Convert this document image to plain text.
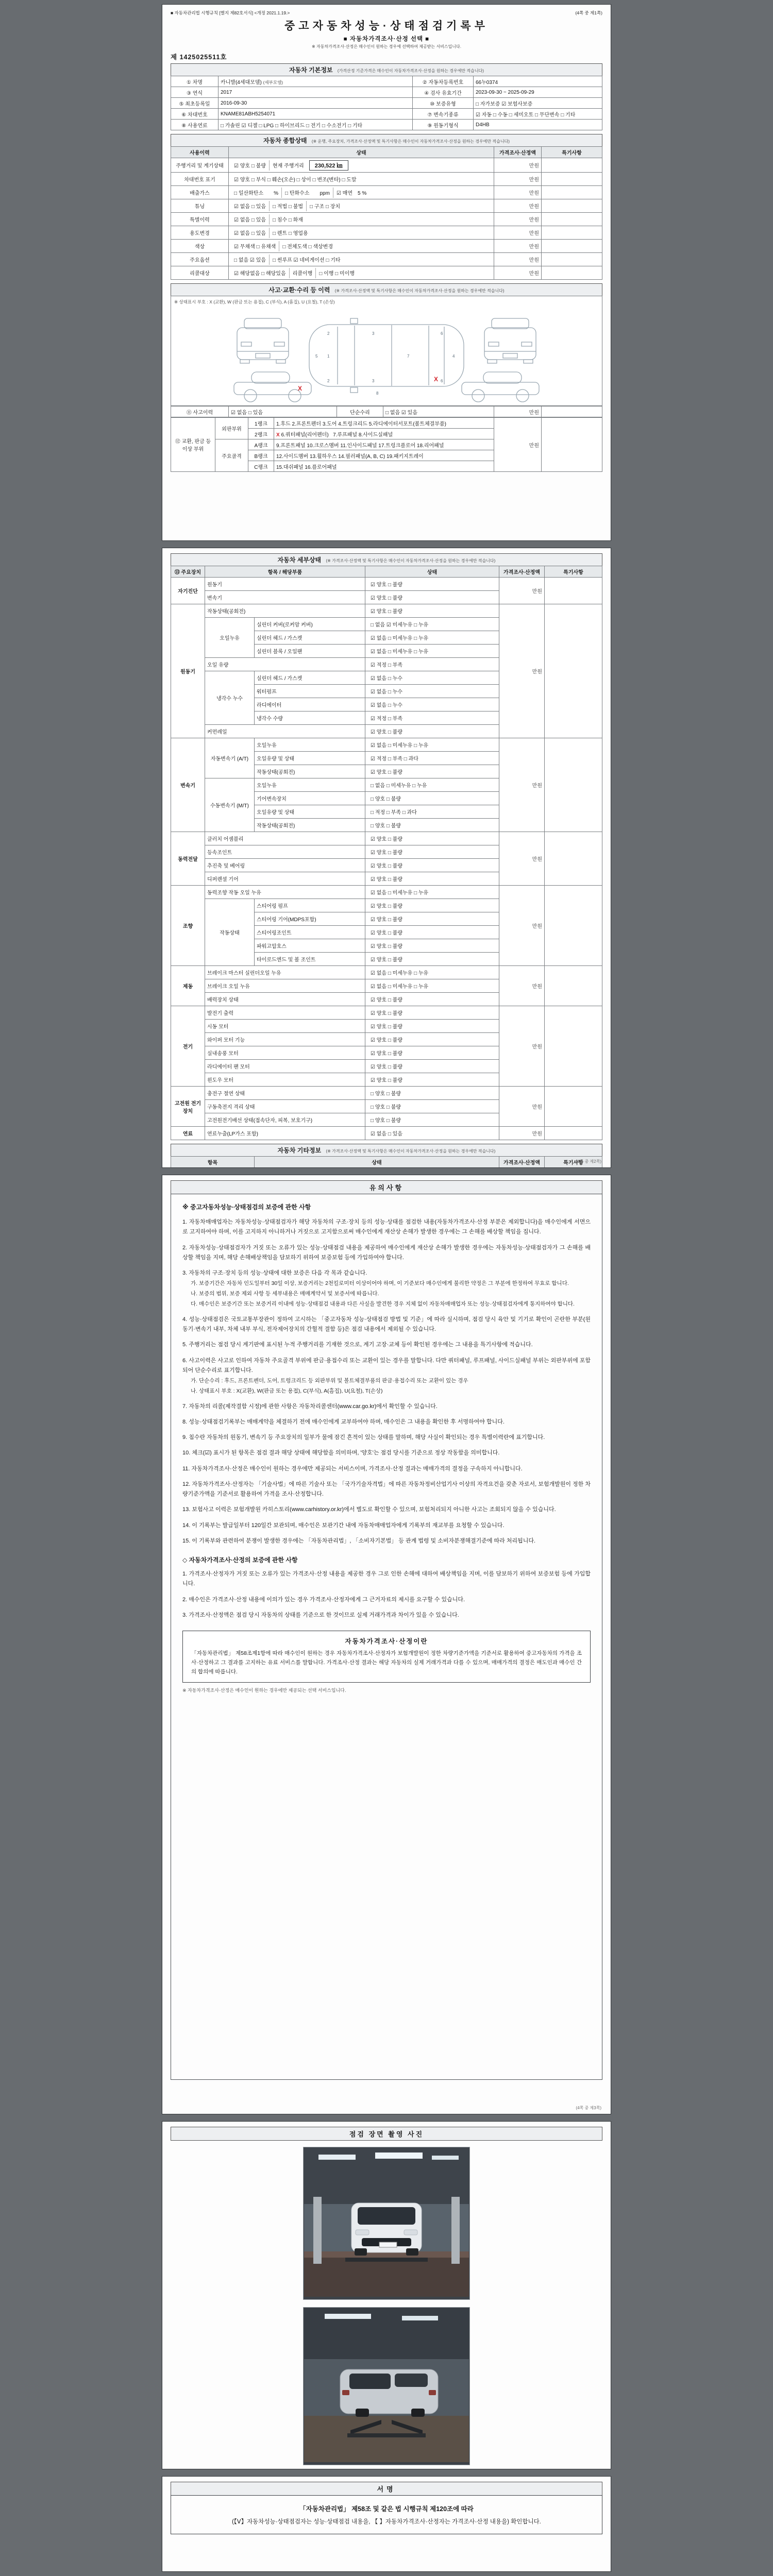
■ 자동차관리법 시행규칙 [별지 제82호서식] <개정 2021.1.19.>	(4쪽 중 제1쪽)
중고자동차성능·상태점검기록부
■ 자동차가격조사·산정 선택 ■
※ 자동차가격조사·산정은 매수인이 원하는 경우에 선택하여 제공받는 서비스입니다.
제 1425025511호
자동차 기본정보 (가격산정 기준가격은 매수인이 자동차가격조사·산정을 원하는 경우에만 적습니다)
① 차명	카니발(4세대모델) (세부모델)	② 자동차등록번호	66누0374
③ 연식	2017	④ 검사 유효기간	2023-09-30 ~ 2025-09-29
⑤ 최초등록일	2016-09-30	⑩ 보증유형	□ 자가보증 ☑ 보험사보증
⑥ 차대번호	KNAME81ABH5254071	⑦ 변속기종류	☑ 자동 □ 수동 □ 세미오토 □ 무단변속 □ 기타
⑧ 사용연료	□ 가솔린 ☑ 디젤 □ LPG □ 하이브리드 □ 전기 □ 수소전기 □ 기타	⑨ 원동기형식	D4HB
자동차 종합상태 (※ 운행, 주요장치, 가격조사·산정액 및 특기사항은 매수인이 자동차가격조사·산정을 원하는 경우에만 적습니다)
사용이력	상태	가격조사·산정액	특기사항
주행거리 및 계기상태	☑ 양호 □ 불량 현재 주행거리 230,522 ㎞	만원	
차대번호 표기	☑ 양호 □ 부식 □ 훼손(오손) □ 상이 □ 변조(변타) □ 도말	만원	
배출가스	□ 일산화탄소　　% □ 탄화수소　　ppm ☑ 매연　5 %	만원	
튜닝	☑ 없음 □ 있음 □ 적법 □ 불법 □ 구조 □ 장치	만원	
특별이력	☑ 없음 □ 있음 □ 침수 □ 화재	만원	
용도변경	☑ 없음 □ 있음 □ 렌트 □ 영업용	만원	
색상	☑ 무채색 □ 유채색 □ 전체도색 □ 색상변경	만원	
주요옵션	□ 없음 ☑ 있음 □ 썬루프 ☑ 네비게이션 □ 기타	만원	
리콜대상	☑ 해당없음 □ 해당있음 리콜이행 □ 이행 □ 미이행	만원	
사고·교환·수리 등 이력 (※ 가격조사·산정액 및 특기사항은 매수인이 자동차가격조사·산정을 원하는 경우에만 적습니다)
※ 상태표시 부호 : X (교환), W (판금 또는 용접), C (부식), A (흠집), U (요철), T (손상)
5 1	7	4
2
2
3
3
6
6
8
X
X
⑪ 사고이력	☑ 없음 □ 있음	단순수리	□ 없음 ☑ 있음	만원	
⑫ 교환, 판금 등 이상 부위	외판부위	1랭크	1.후드 2.프론트펜더 3.도어 4.트렁크리드 5.라디에이터서포트(볼트체결부품)	만원	
		2랭크	X 6.쿼터패널(리어펜더) 7.루프패널 8.사이드실패널		
	주요골격	A랭크	9.프론트패널 10.크로스멤버 11.인사이드패널 17.트렁크플로어 18.리어패널		
		B랭크	12.사이드멤버 13.휠하우스 14.필러패널(A, B, C) 19.패키지트레이		
		C랭크	15.대쉬패널 16.플로어패널		
자동차 세부상태 (※ 가격조사·산정액 및 특기사항은 매수인이 자동차가격조사·산정을 원하는 경우에만 적습니다)
⑬ 주요장치	항목 / 해당부품		상태	가격조사·산정액	특기사항
자기진단	원동기		☑ 양호 □ 불량	만원	
	변속기		☑ 양호 □ 불량		
원동기	작동상태(공회전)		☑ 양호 □ 불량	만원	
	오일누유	실린더 커버(로커암 커버)	□ 없음 ☑ 미세누유 □ 누유		
		실린더 헤드 / 가스켓	☑ 없음 □ 미세누유 □ 누유		
		실린더 블록 / 오일팬	☑ 없음 □ 미세누유 □ 누유		
	오일 유량		☑ 적정 □ 부족		
	냉각수 누수	실린더 헤드 / 가스켓	☑ 없음 □ 누수		
		워터펌프	☑ 없음 □ 누수		
		라디에이터	☑ 없음 □ 누수		
		냉각수 수량	☑ 적정 □ 부족		
	커먼레일		☑ 양호 □ 불량		
변속기	자동변속기 (A/T)	오일누유	☑ 없음 □ 미세누유 □ 누유	만원	
		오일유량 및 상태	☑ 적정 □ 부족 □ 과다		
		작동상태(공회전)	☑ 양호 □ 불량		
	수동변속기 (M/T)	오일누유	□ 없음 □ 미세누유 □ 누유		
		기어변속장치	□ 양호 □ 불량		
		오일유량 및 상태	□ 적정 □ 부족 □ 과다		
		작동상태(공회전)	□ 양호 □ 불량		
동력전달	클러치 어셈블리		☑ 양호 □ 불량	만원	
	등속조인트		☑ 양호 □ 불량		
	추진축 및 베어링		☑ 양호 □ 불량		
	디퍼렌셜 기어		☑ 양호 □ 불량		
조향	동력조향 작동 오일 누유		☑ 없음 □ 미세누유 □ 누유	만원	
	작동상태	스티어링 펌프	☑ 양호 □ 불량		
		스티어링 기어(MDPS포함)	☑ 양호 □ 불량		
		스티어링조인트	☑ 양호 □ 불량		
		파워고압호스	☑ 양호 □ 불량		
		타이로드엔드 및 볼 조인트	☑ 양호 □ 불량		
제동	브레이크 마스터 실린더오일 누유		☑ 없음 □ 미세누유 □ 누유	만원	
	브레이크 오일 누유		☑ 없음 □ 미세누유 □ 누유		
	배력장치 상태		☑ 양호 □ 불량		
전기	발전기 출력		☑ 양호 □ 불량	만원	
	시동 모터		☑ 양호 □ 불량		
	와이퍼 모터 기능		☑ 양호 □ 불량		
	실내송풍 모터		☑ 양호 □ 불량		
	라디에이터 팬 모터		☑ 양호 □ 불량		
	윈도우 모터		☑ 양호 □ 불량		
고전원 전기장치	충전구 절연 상태		□ 양호 □ 불량	만원	
	구동축전지 격리 상태		□ 양호 □ 불량		
	고전원전기배선 상태(접속단자, 피복, 보호기구)		□ 양호 □ 불량		
연료	연료누출(LP가스 포함)		☑ 없음 □ 있음	만원	
자동차 기타정보 (※ 가격조사·산정액 및 특기사항은 매수인이 자동차가격조사·산정을 원하는 경우에만 적습니다)
항목		상태	가격조사·산정액	특기사항

(4쪽 중 제2쪽)
유의사항
※ 중고자동차성능·상태점검의 보증에 관한 사항
1. 자동차매매업자는 자동차성능·상태점검자가 해당 자동차의 구조·장치 등의 성능·상태를 점검한 내용(자동차가격조사·산정 부분은 제외합니다)을 매수인에게 서면으로 고지하여야 하며, 이를 고지하지 아니하거나 거짓으로 고지함으로써 매수인에게 재산상 손해가 발생한 경우에는 그 손해를 배상할 책임을 집니다.
2. 자동차성능·상태점검자가 거짓 또는 오류가 있는 성능·상태점검 내용을 제공하여 매수인에게 재산상 손해가 발생한 경우에는 자동차성능·상태점검자가 그 손해를 배상할 책임을 지며, 해당 손해배상책임을 담보하기 위하여 보증보험 등에 가입하여야 합니다.
3. 자동차의 구조·장치 등의 성능·상태에 대한 보증은 다음 각 목과 같습니다.
가. 보증기간은 자동차 인도일부터 30일 이상, 보증거리는 2천킬로미터 이상이어야 하며, 이 기준보다 매수인에게 불리한 약정은 그 부분에 한정하여 무효로 합니다.
나. 보증의 범위, 보증 제외 사항 등 세부내용은 매매계약서 및 보증서에 따릅니다.
다. 매수인은 보증기간 또는 보증거리 이내에 성능·상태점검 내용과 다른 사실을 발견한 경우 지체 없이 자동차매매업자 또는 성능·상태점검자에게 통지하여야 합니다.
4. 성능·상태점검은 국토교통부장관이 정하여 고시하는 「중고자동차 성능·상태점검 방법 및 기준」에 따라 실시하며, 점검 당시 육안 및 기기로 확인이 곤란한 부분(원동기·변속기 내부, 차체 내부 부식, 전자제어장치의 간헐적 결함 등)은 점검 내용에서 제외될 수 있습니다.
5. 주행거리는 점검 당시 계기판에 표시된 누적 주행거리를 기재한 것으로, 계기 고장·교체 등이 확인된 경우에는 그 내용을 특기사항에 적습니다.
6. 사고이력은 사고로 인하여 자동차 주요골격 부위에 판금·용접수리 또는 교환이 있는 경우를 말합니다. 다만 쿼터패널, 루프패널, 사이드실패널 부위는 외판부위에 포함되어 단순수리로 표기합니다.
가. 단순수리 : 후드, 프론트펜더, 도어, 트렁크리드 등 외판부위 및 볼트체결부품의 판금·용접수리 또는 교환이 있는 경우
나. 상태표시 부호 : X(교환), W(판금 또는 용접), C(부식), A(흠집), U(요철), T(손상)
7. 자동차의 리콜(제작결함 시정)에 관한 사항은 자동차리콜센터(www.car.go.kr)에서 확인할 수 있습니다.
8. 성능·상태점검기록부는 매매계약을 체결하기 전에 매수인에게 교부하여야 하며, 매수인은 그 내용을 확인한 후 서명하여야 합니다.
9. 침수란 자동차의 원동기, 변속기 등 주요장치의 일부가 물에 잠긴 흔적이 있는 상태를 말하며, 해당 사실이 확인되는 경우 특별이력란에 표기합니다.
10. 체크(☑) 표시가 된 항목은 점검 결과 해당 상태에 해당함을 의미하며, '양호'는 점검 당시를 기준으로 정상 작동함을 의미합니다.
11. 자동차가격조사·산정은 매수인이 원하는 경우에만 제공되는 서비스이며, 가격조사·산정 결과는 매매가격의 결정을 구속하지 아니합니다.
12. 자동차가격조사·산정자는 「기술사법」에 따른 기술사 또는 「국가기술자격법」에 따른 자동차정비산업기사 이상의 자격요건을 갖춘 자로서, 보험개발원이 정한 차량기준가액을 기준서로 활용하여 가격을 조사·산정합니다.
13. 보험사고 이력은 보험개발원 카히스토리(www.carhistory.or.kr)에서 별도로 확인할 수 있으며, 보험처리되지 아니한 사고는 조회되지 않을 수 있습니다.
14. 이 기록부는 발급일부터 120일간 보관되며, 매수인은 보관기간 내에 자동차매매업자에게 기록부의 재교부를 요청할 수 있습니다.
15. 이 기록부와 관련하여 분쟁이 발생한 경우에는 「자동차관리법」, 「소비자기본법」 등 관계 법령 및 소비자분쟁해결기준에 따라 처리됩니다.
◇ 자동차가격조사·산정의 보증에 관한 사항
1. 가격조사·산정자가 거짓 또는 오류가 있는 가격조사·산정 내용을 제공한 경우 그로 인한 손해에 대하여 배상책임을 지며, 이를 담보하기 위하여 보증보험 등에 가입합니다.
2. 매수인은 가격조사·산정 내용에 이의가 있는 경우 가격조사·산정자에게 그 근거자료의 제시를 요구할 수 있습니다.
3. 가격조사·산정액은 점검 당시 자동차의 상태를 기준으로 한 것이므로 실제 거래가격과 차이가 있을 수 있습니다.
자동차가격조사·산정이란
「자동차관리법」 제58조제1항에 따라 매수인이 원하는 경우 자동차가격조사·산정자가 보험개발원이 정한 차량기준가액을 기준서로 활용하여 중고자동차의 가격을 조사·산정하고 그 결과를 고지하는 유료 서비스를 말합니다. 가격조사·산정 결과는 해당 자동차의 실제 거래가격과 다를 수 있으며, 매매가격의 결정은 매도인과 매수인 간의 합의에 따릅니다.
※ 자동차가격조사·산정은 매수인이 원하는 경우에만 제공되는 선택 서비스입니다.
(4쪽 중 제3쪽)
점검 장면 촬영 사진
서명
「자동차관리법」 제58조 및 같은 법 시행규칙 제120조에 따라
(【Ⅴ】자동차성능·상태점검자는 성능·상태점검 내용을, 【 】자동차가격조사·산정자는 가격조사·산정 내용을) 확인합니다.
